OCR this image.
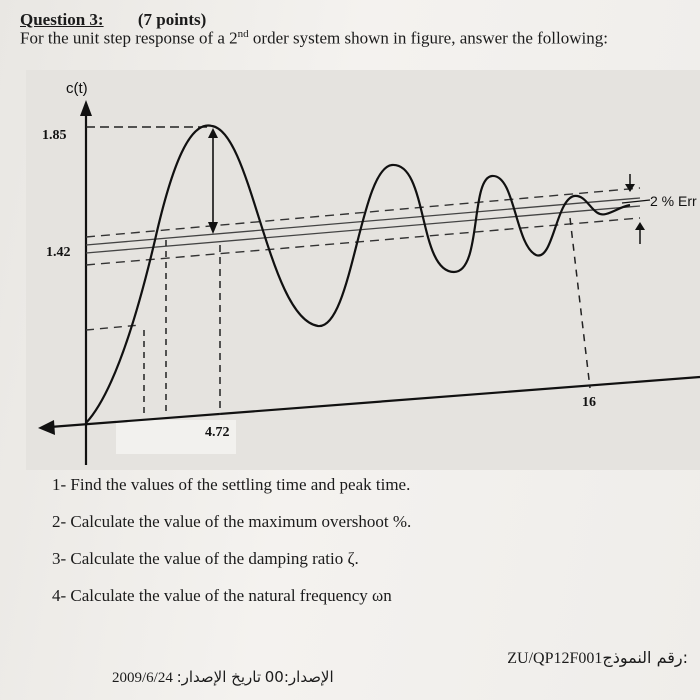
Question 3: (7 points)
For the unit step response of a 2nd order system shown in figure, answer the following:
c(t)
1.85
1.42
2 % Err
4.72
16
1- Find the values of the settling time and peak time.
2- Calculate the value of the maximum overshoot %.
3- Calculate the value of the damping ratio ζ.
4- Calculate the value of the natural frequency ωn
ZU/QP12F001:رقم النموذج
2009/6/24 تاريخ الإصدار: الإصدار:00
